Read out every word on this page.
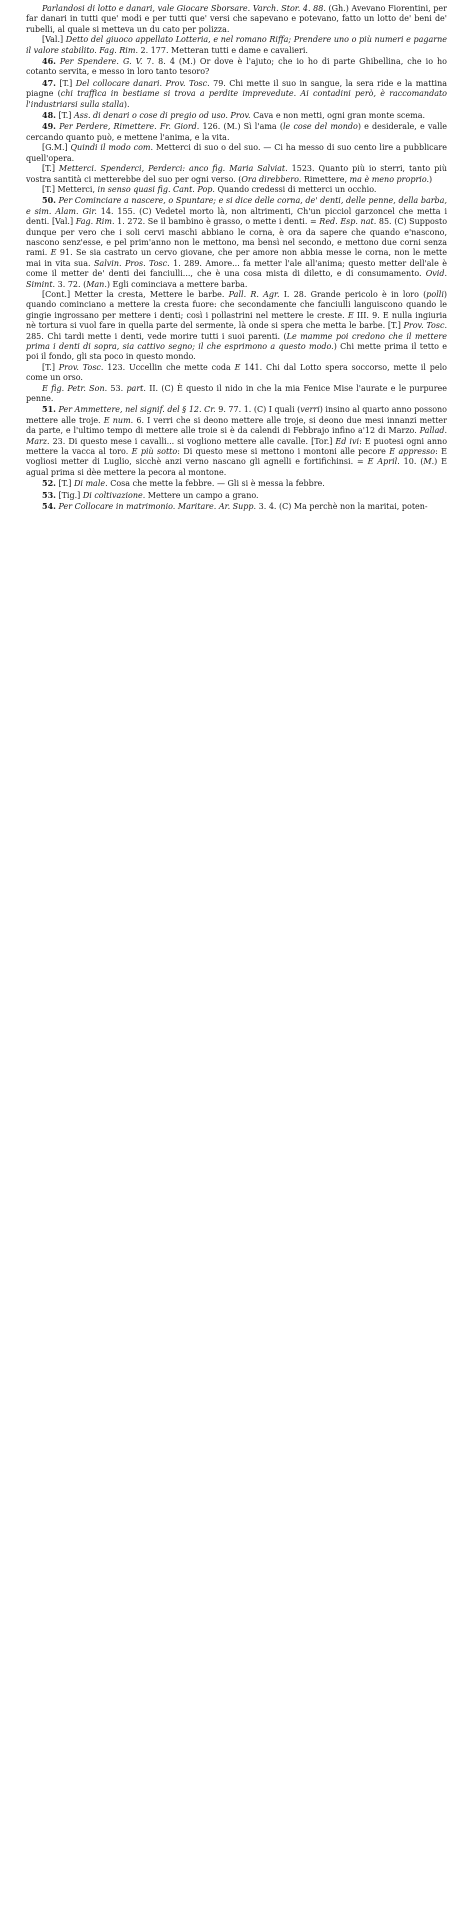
Parlandosi di lotto e danari, vale Giocare Sborsare. Varch. Stor. 4. 88. (Gh.) Avevano Fiorentini, per far danari in tutti que' modi e per tutti que' versi che sapevano e potevano, fatto un lotto de' beni de' rubelli, al quale si metteva un du cato per polizza.

[Val.] Detto del giuoco appellato Lotteria, e nel romano Riffa; Prendere uno o più numeri e pagarne il valore stabilito. Fag. Rim. 2. 177. Metteran tutti e dame e cavalieri.

46. Per Spendere. G. V. 7. 8. 4 (M.) Or dove è l'ajuto; che io ho di parte Ghibellina, che io ho cotanto servita, e messo in loro tanto tesoro?

47. [T.] Del collocare danari. Prov. Tosc. 79. Chi mette il suo in sangue, la sera ride e la mattina piagne (chi traffica in bestiame si trova a perdite imprevedute. Ai contadini però, è raccomandato l'industriarsi sulla stalla).

48. [T.] Ass. di denari o cose di pregio od uso. Prov. Cava e non metti, ogni gran monte scema.

49. Per Perdere, Rimettere. Fr. Giord. 126. (M.) Sì l'ama (le cose del mondo) e desiderale, e valle cercando quanto può, e mettene l'anima, e la vita.

[G.M.] Quindi il modo com. Metterci di suo o del suo. — Ci ha messo di suo cento lire a pubblicare quell'opera.

[T.] Metterci. Spenderci, Perderci: anco fig. Maria Salviat. 1523. Quanto più io sterri, tanto più vostra santità ci metterebbe del suo per ogni verso. (Ora direbbero. Rimettere, ma è meno proprio.)

[T.] Metterci, in senso quasi fig. Cant. Pop. Quando credessi di metterci un occhio.

50. Per Cominciare a nascere, o Spuntare; e si dice delle corna, de' denti, delle penne, della barba, e sim. Alam. Gir. 14. 155. (C) Vedetel morto là, non altrimenti, Ch'un picciol garzoncel che metta i denti. [Val.] Fag. Rim. 1. 272. Se il bambino è grasso, o mette i denti. = Red. Esp. nat. 85. (C) Supposto dunque per vero che i soli cervi maschi abbiano le corna, è ora da sapere che quando e'nascono, nascono senz'esse, e pel prim'anno non le mettono, ma bensì nel secondo, e mettono due corni senza rami. E 91. Se sia castrato un cervo giovane, che per amore non abbia messe le corna, non le mette mai in vita sua. Salvin. Pros. Tosc. 1. 289. Amore... fa metter l'ale all'anima; questo metter dell'ale è come il metter de' denti dei fanciulli..., che è una cosa mista di diletto, e di consumamento. Ovid. Simint. 3. 72. (Man.) Egli cominciava a mettere barba.

[Cont.] Metter la cresta, Mettere le barbe. Pall. R. Agr. I. 28. Grande pericolo è in loro (polli) quando cominciano a mettere la cresta fuore: che secondamente che fanciulli languiscono quando le gingie ingrossano per mettere i denti; così i pollastrini nel mettere le creste. E III. 9. E nulla ingiuria nè tortura si vuol fare in quella parte del sermente, là onde si sperа che metta le barbe. [T.] Prov. Tosc. 285. Chi tardi mette i denti, vede morire tutti i suoi parenti. (Le mamme poi credono che il mettere prima i denti di sopra, sia cattivo segno; il che esprimono a questo modo.) Chi mette prima il tetto e poi il fondo, gli sta poco in questo mondo.

[T.] Prov. Tosc. 123. Uccellin che mette coda E 141. Chi dal Lotto spera soccorso, mette il pelo come un orso.

E fig. Petr. Son. 53. part. II. (C) È questo il nido in che la mia Fenice Mise l'aurate e le purpuree penne.

51. Per Ammettere, nel signif. del § 12. Cr. 9. 77. 1. (C) I quali (verri) insino al quarto anno possono mettere alle troje. E num. 6. I verri che si deono mettere alle troje, si deono due mesi innanzi metter da parte, e l'ultimo tempo di mettere alle troie si è da calendi di Febbrajo infino a'12 di Marzo. Pallad. Marz. 23. Di questo mese i cavalli... si vogliono mettere alle cavalle. [Tor.] Ed ivi: E puotesi ogni anno mettere la vacca al toro. E più sotto: Di questo mese si mettono i montoni alle pecore E appresso: E vogliosi metter di Luglio, sicchè anzi verno nascano gli agnelli e fortifichinsi. = E April. 10. (M.) E agual prima si dèe mettere la pecora al montone.

52. [T.] Di male. Cosa che mette la febbre. — Gli si è messa la febbre.

53. [Tig.] Di coltivazione. Mettere un campo a grano.

54. Per Collocare in matrimonio. Maritare. Ar. Supp. 3. 4. (C) Ma perchè non la maritai, poten-
